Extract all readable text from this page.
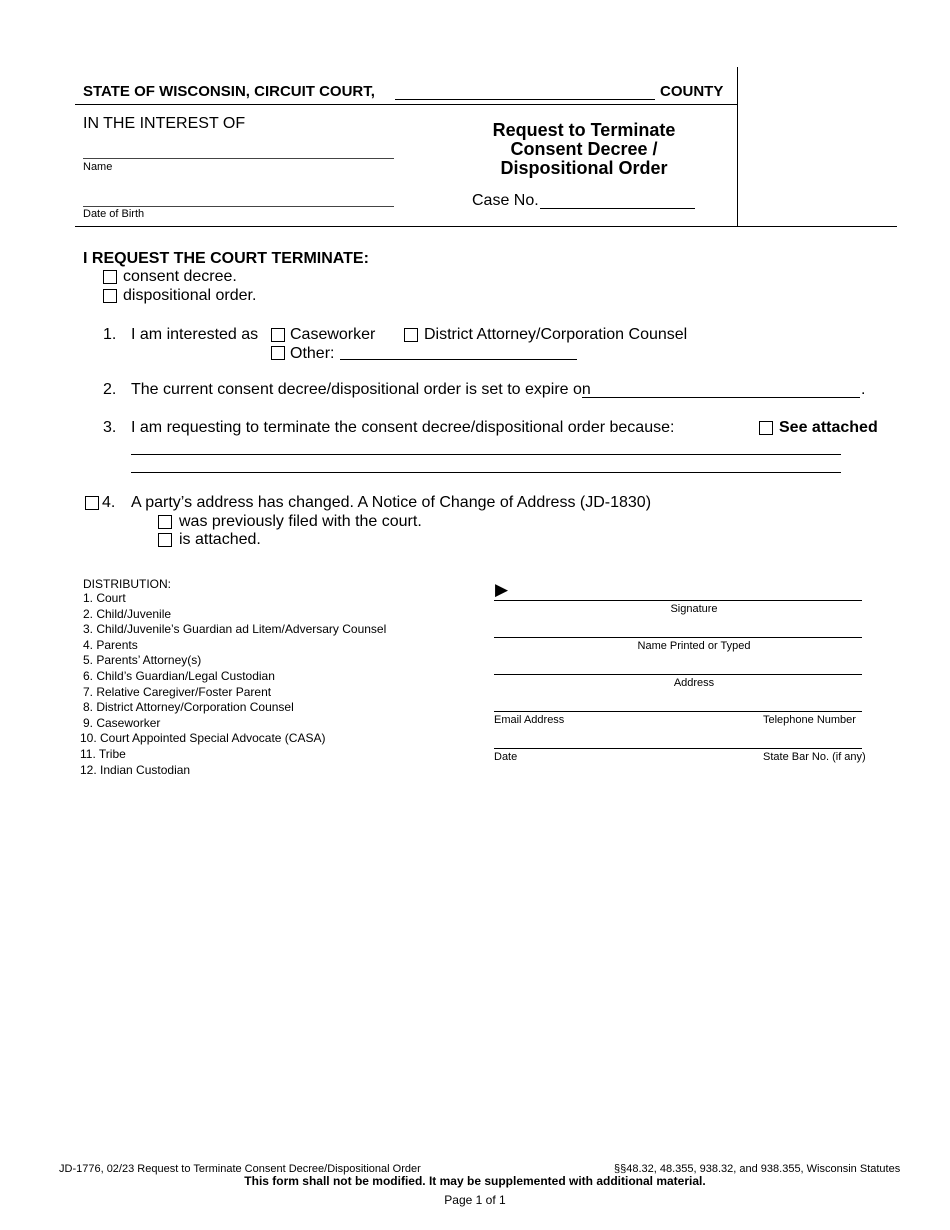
STATE OF WISCONSIN, CIRCUIT COURT,	COUNTY
IN THE INTEREST OF
Name
Date of Birth
Request to Terminate
Consent Decree /
Dispositional Order
Case No.
I REQUEST THE COURT TERMINATE:
consent decree.
dispositional order.
1. I am interested as Caseworker	District Attorney/Corporation Counsel
Other:
2. The current consent decree/dispositional order is set to expire on	.
3. I am requesting to terminate the consent decree/dispositional order because:	See attached
4. A party’s address has changed. A Notice of Change of Address (JD-1830)
was previously filed with the court.
is attached.
DISTRIBUTION:
1. Court
2. Child/Juvenile
3. Child/Juvenile’s Guardian ad Litem/Adversary Counsel
4. Parents
5. Parents’ Attorney(s)
6. Child’s Guardian/Legal Custodian
7. Relative Caregiver/Foster Parent
8. District Attorney/Corporation Counsel
9. Caseworker
10. Court Appointed Special Advocate (CASA)
11. Tribe
12. Indian Custodian
▶
Signature
Name Printed or Typed
Address
Email Address	Telephone Number
Date	State Bar No. (if any)
JD-1776, 02/23 Request to Terminate Consent Decree/Dispositional Order	§§48.32, 48.355, 938.32, and 938.355, Wisconsin Statutes
This form shall not be modified. It may be supplemented with additional material.
Page 1 of 1
